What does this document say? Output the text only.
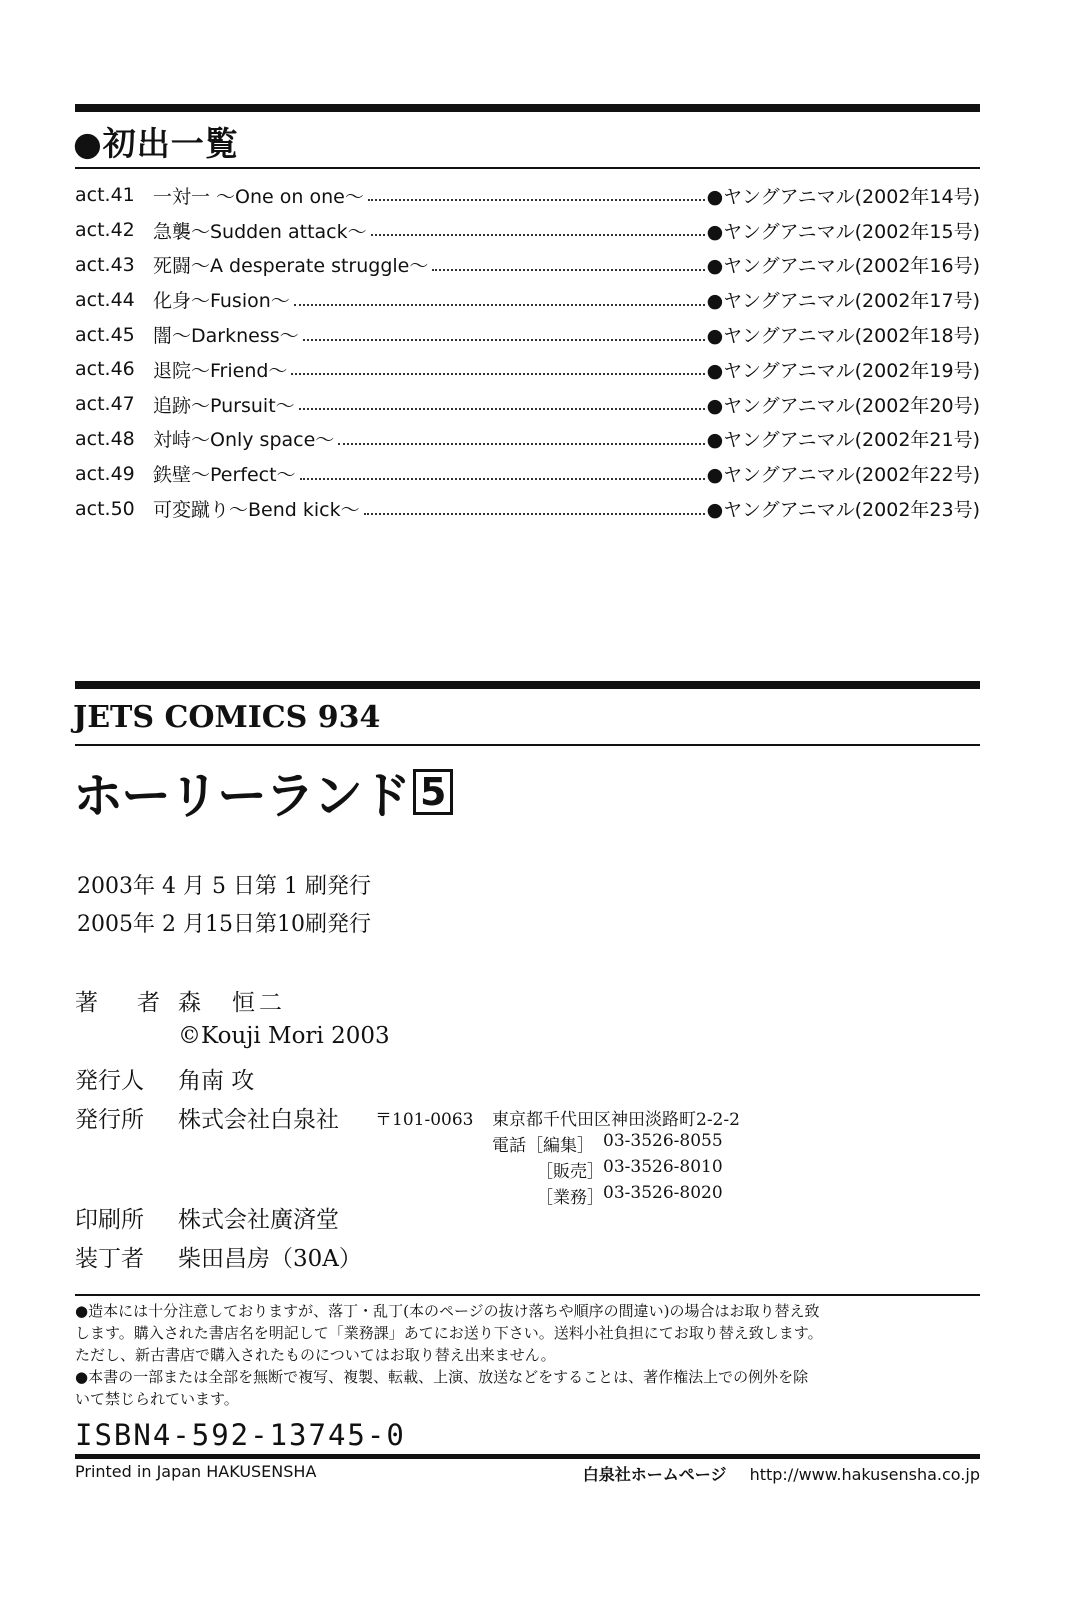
●初出一覧
act.41 一対一 〜One on one〜	●ヤングアニマル(2002年14号)
act.42 急襲〜Sudden attack〜	●ヤングアニマル(2002年15号)
act.43 死闘〜A desperate struggle〜	●ヤングアニマル(2002年16号)
act.44 化身〜Fusion〜	●ヤングアニマル(2002年17号)
act.45 闇〜Darkness〜	●ヤングアニマル(2002年18号)
act.46 退院〜Friend〜	●ヤングアニマル(2002年19号)
act.47 追跡〜Pursuit〜	●ヤングアニマル(2002年20号)
act.48 対峙〜Only space〜	●ヤングアニマル(2002年21号)
act.49 鉄壁〜Perfect〜	●ヤングアニマル(2002年22号)
act.50 可変蹴り〜Bend kick〜	●ヤングアニマル(2002年23号)
JETS COMICS 934
ホーリーランド 5
2003年 4 月 5 日第 1 刷発行
2005年 2 月15日第10刷発行
著　者 森　恒二
©Kouji Mori 2003
発行人 角南 攻
発行所 株式会社白泉社 〒101-0063 東京都千代田区神田淡路町2-2-2
電話［編集］ 03-3526-8055
［販売］ 03-3526-8010
［業務］ 03-3526-8020
印刷所 株式会社廣済堂
装丁者 柴田昌房（30A）
●造本には十分注意しておりますが、落丁・乱丁(本のページの抜け落ちや順序の間違い)の場合はお取り替え致
します。購入された書店名を明記して「業務課」あてにお送り下さい。送料小社負担にてお取り替え致します。
ただし、新古書店で購入されたものについてはお取り替え出来ません。
●本書の一部または全部を無断で複写、複製、転載、上演、放送などをすることは、著作権法上での例外を除
いて禁じられています。
ISBN4-592-13745-0
Printed in Japan HAKUSENSHA	白泉社ホームページ http://www.hakusensha.co.jp
